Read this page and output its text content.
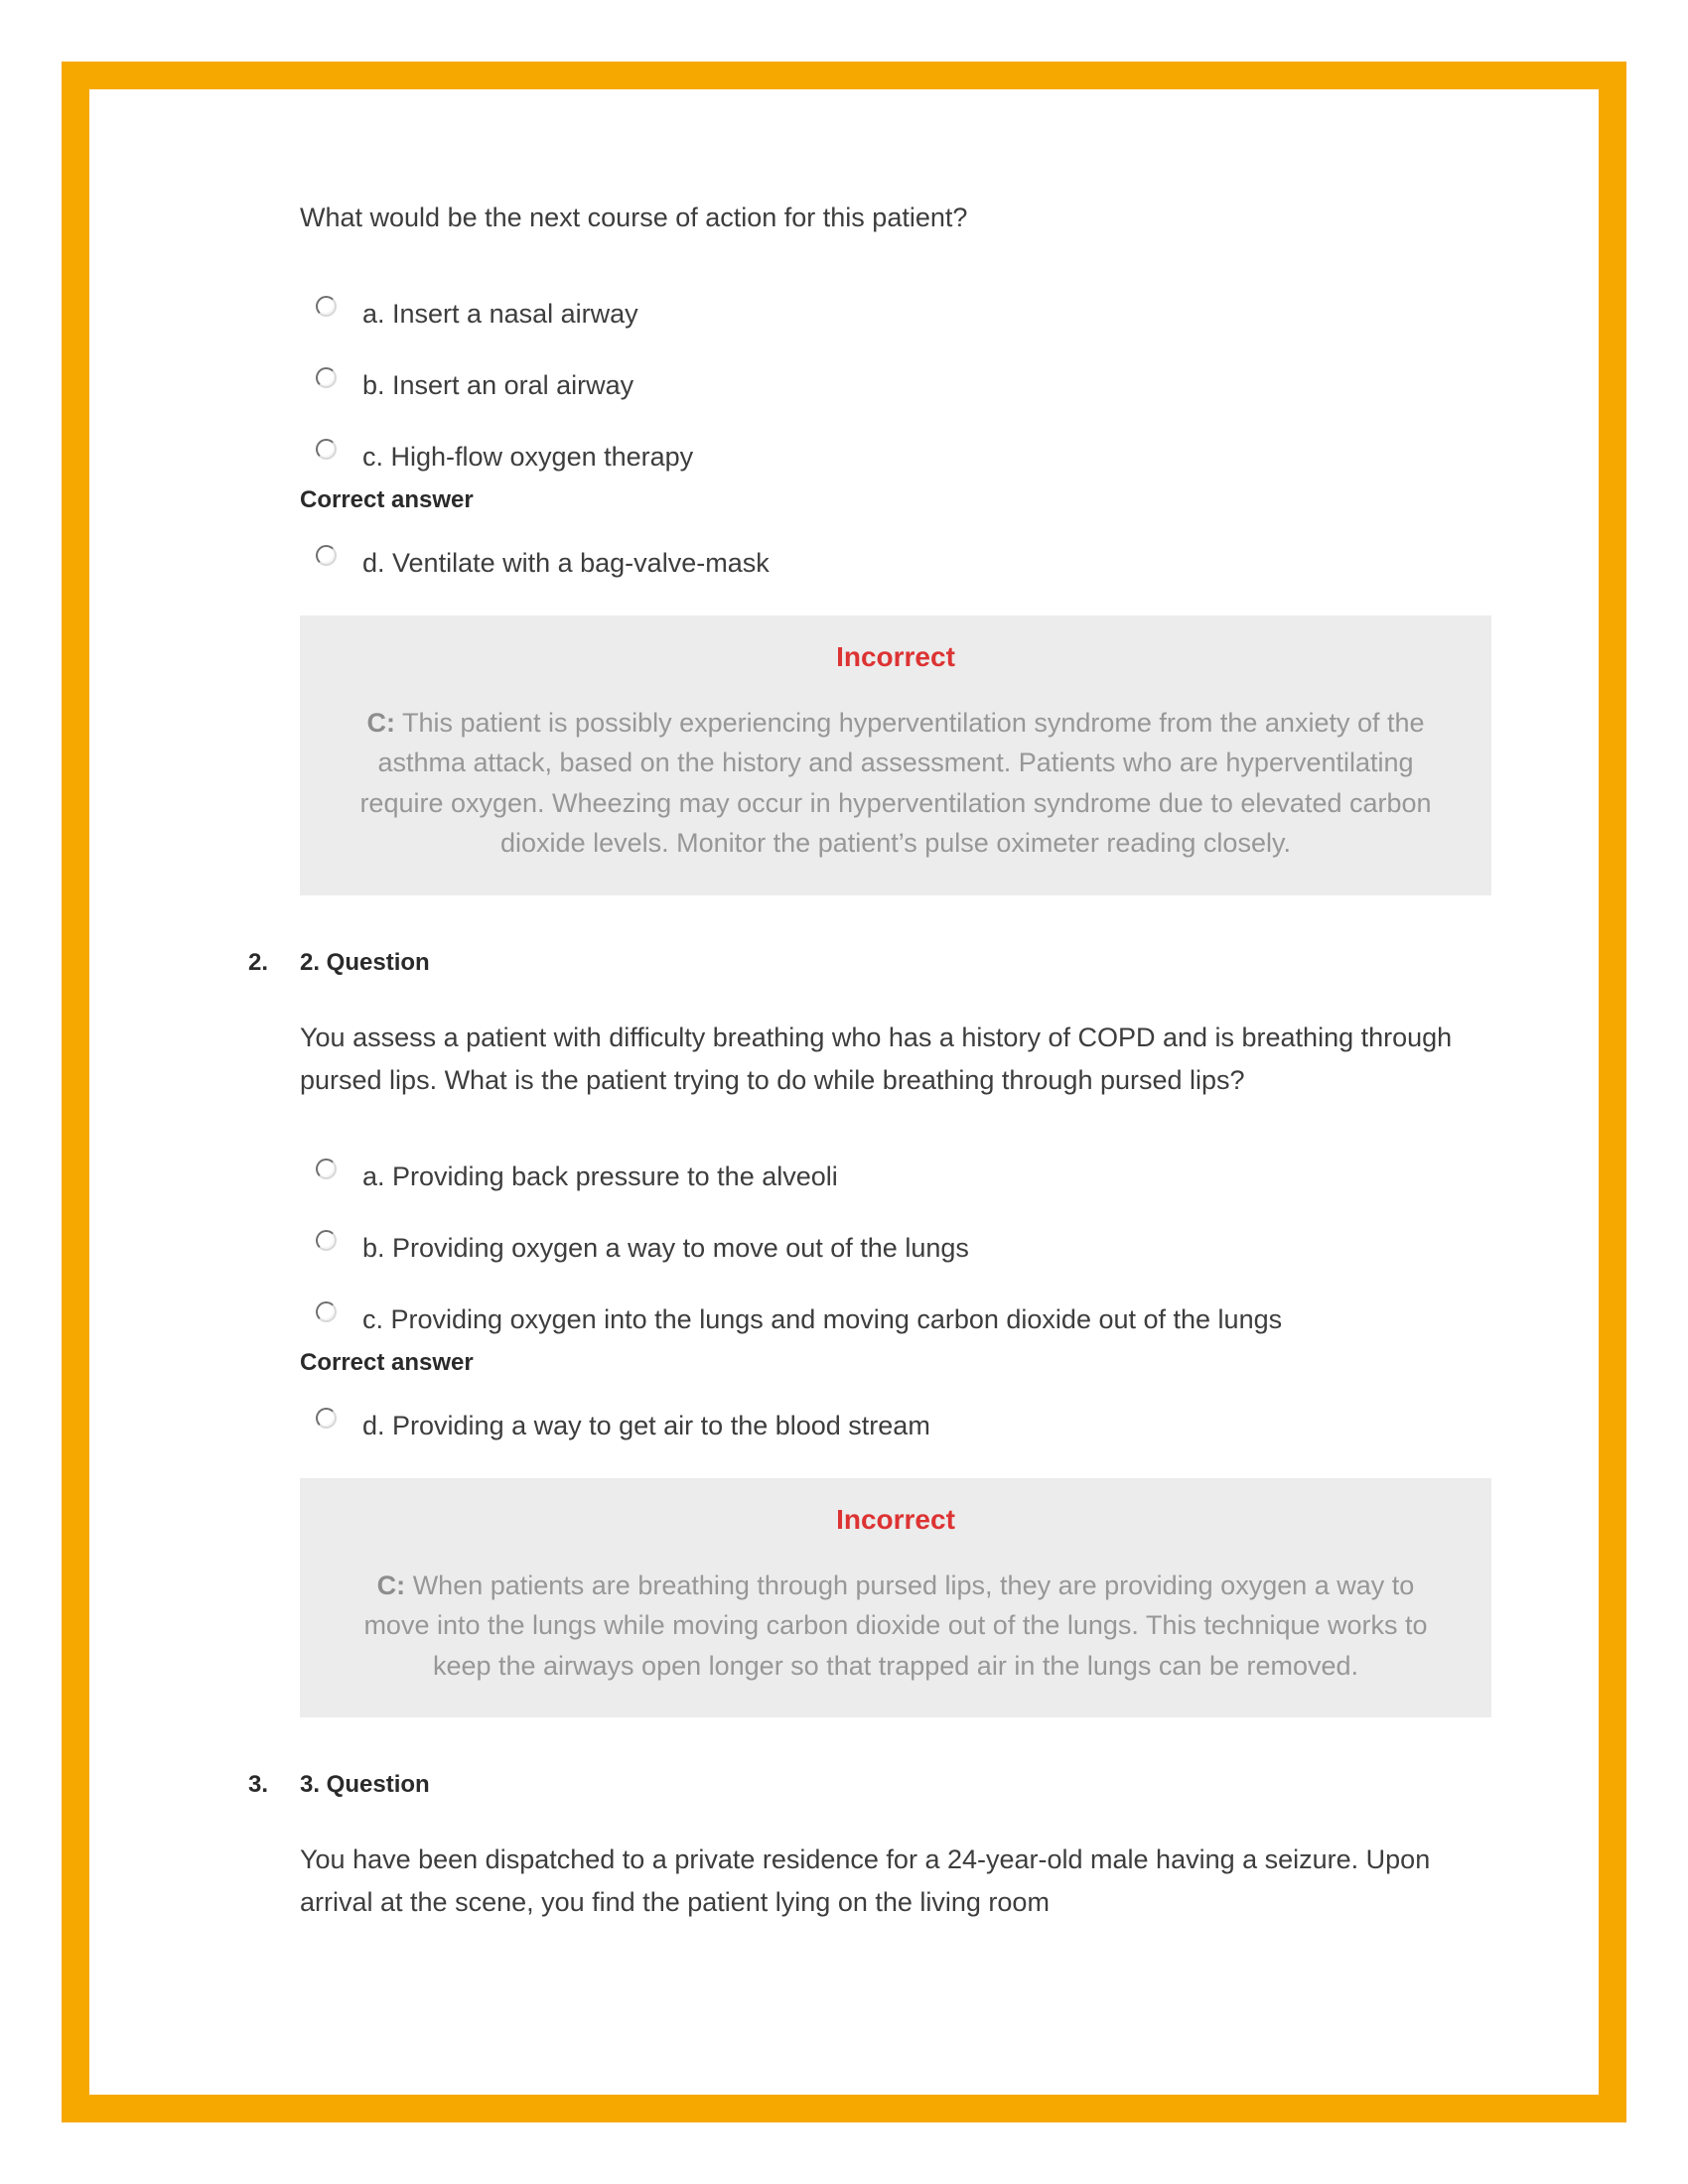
What would be the next course of action for this patient?

a. Insert a nasal airway
b. Insert an oral airway
c. High-flow oxygen therapy

Correct answer

d. Ventilate with a bag-valve-mask

Incorrect

C: This patient is possibly experiencing hyperventilation syndrome from the anxiety of the asthma attack, based on the history and assessment. Patients who are hyperventilating require oxygen. Wheezing may occur in hyperventilation syndrome due to elevated carbon dioxide levels. Monitor the patient’s pulse oximeter reading closely.

2. 2. Question

You assess a patient with difficulty breathing who has a history of COPD and is breathing through pursed lips. What is the patient trying to do while breathing through pursed lips?

a. Providing back pressure to the alveoli
b. Providing oxygen a way to move out of the lungs
c. Providing oxygen into the lungs and moving carbon dioxide out of the lungs

Correct answer

d. Providing a way to get air to the blood stream

Incorrect

C: When patients are breathing through pursed lips, they are providing oxygen a way to move into the lungs while moving carbon dioxide out of the lungs. This technique works to keep the airways open longer so that trapped air in the lungs can be removed.

3. 3. Question

You have been dispatched to a private residence for a 24-year-old male having a seizure. Upon arrival at the scene, you find the patient lying on the living room
